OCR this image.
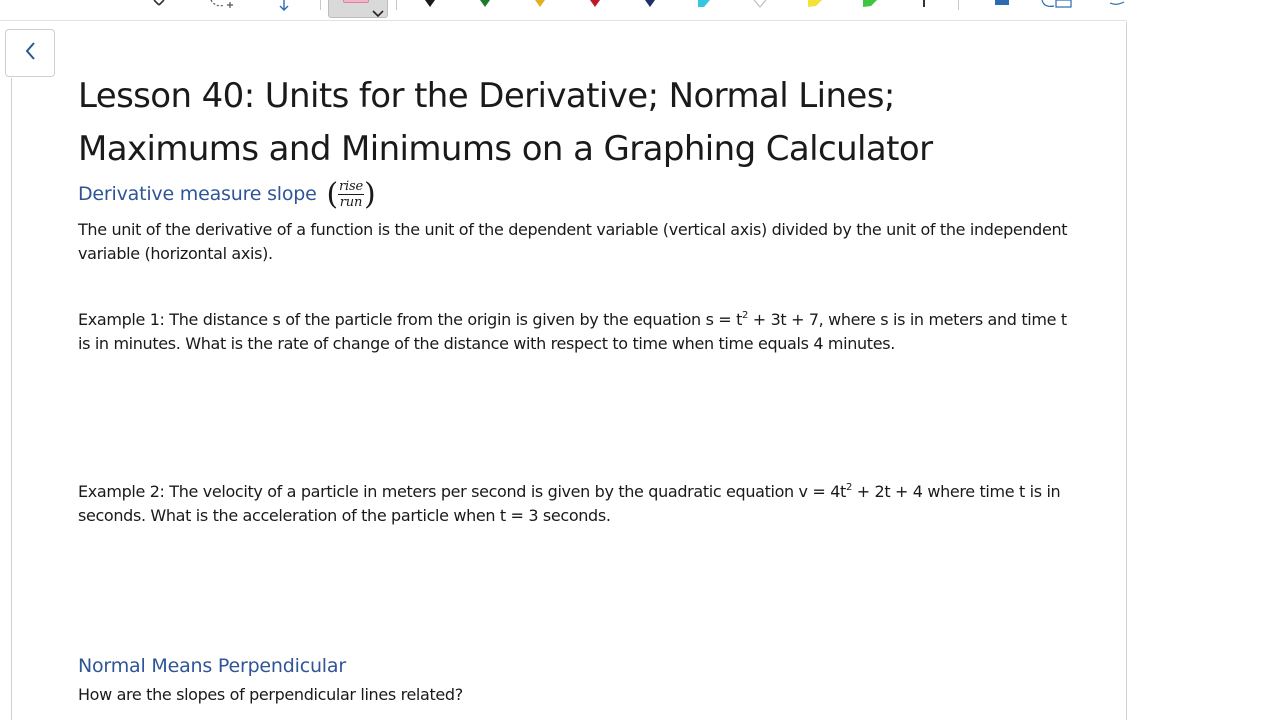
Lesson 40: Units for the Derivative; Normal Lines;
Maximums and Minimums on a Graphing Calculator
Derivative measure slope ( $\frac{\text{rise}}{\text{run}}$ )
The unit of the derivative of a function is the unit of the dependent variable (vertical axis) divided by the unit of the independent variable (horizontal axis).
Example 1: The distance s of the particle from the origin is given by the equation $s = t^2 + 3t + 7$, where s is in meters and time t is in minutes. What is the rate of change of the distance with respect to time when time equals 4 minutes.
Example 2: The velocity of a particle in meters per second is given by the quadratic equation $v = 4t^2 + 2t + 4$ where time t is in seconds. What is the acceleration of the particle when t = 3 seconds.
Normal Means Perpendicular
How are the slopes of perpendicular lines related?
